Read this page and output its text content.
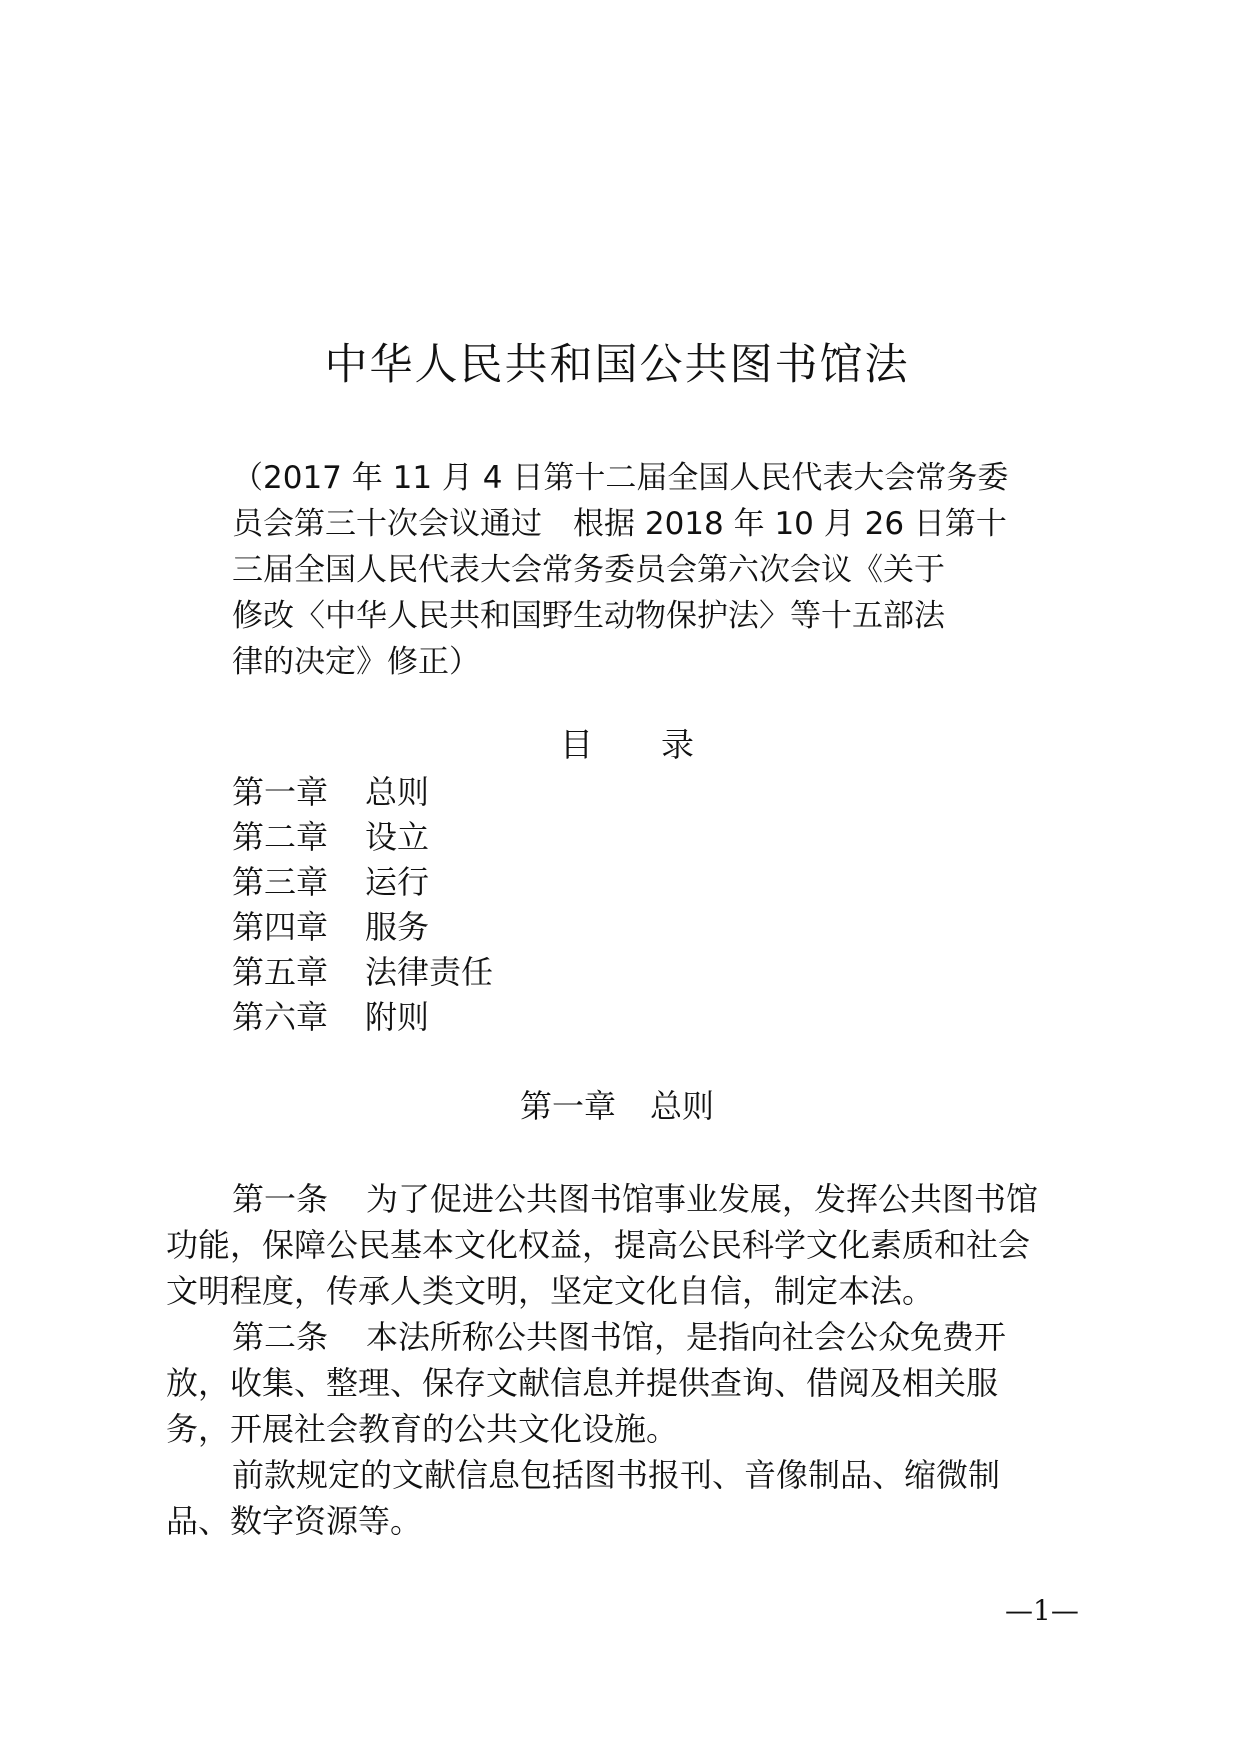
中华人民共和国公共图书馆法
（2017 年 11 月 4 日第十二届全国人民代表大会常务委
员会第三十次会议通过　根据 2018 年 10 月 26 日第十
三届全国人民代表大会常务委员会第六次会议《关于
修改〈中华人民共和国野生动物保护法〉等十五部法
律的决定》修正）
目 录
第一章 总则
第二章 设立
第三章 运行
第四章 服务
第五章 法律责任
第六章 附则
第一章 总则
第一条 为了促进公共图书馆事业发展，发挥公共图书馆
功能，保障公民基本文化权益，提高公民科学文化素质和社会
文明程度，传承人类文明，坚定文化自信，制定本法。
第二条 本法所称公共图书馆，是指向社会公众免费开
放，收集、整理、保存文献信息并提供查询、借阅及相关服
务，开展社会教育的公共文化设施。
前款规定的文献信息包括图书报刊、音像制品、缩微制
品、数字资源等。
—1—
